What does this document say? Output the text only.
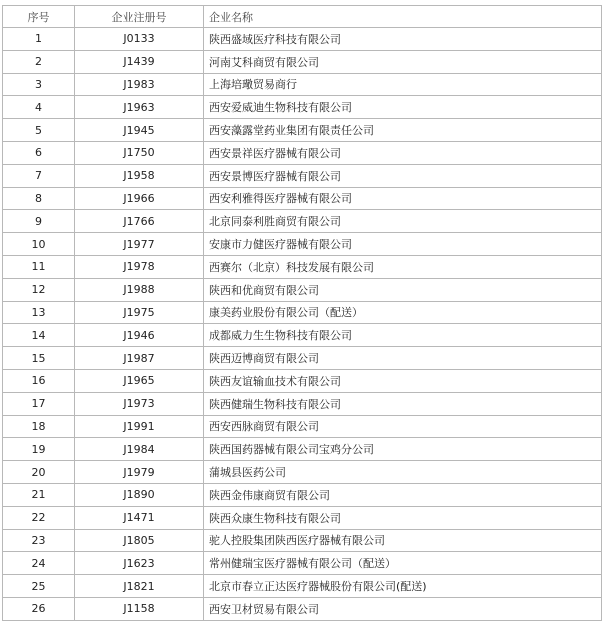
序号	企业注册号	企业名称
1	J0133	陕西盛域医疗科技有限公司
2	J1439	河南艾科商贸有限公司
3	J1983	上海培璥贸易商行
4	J1963	西安爱威迪生物科技有限公司
5	J1945	西安藻露堂药业集团有限责任公司
6	J1750	西安景祥医疗器械有限公司
7	J1958	西安景博医疗器械有限公司
8	J1966	西安利雅得医疗器械有限公司
9	J1766	北京同泰利胜商贸有限公司
10	J1977	安康市力健医疗器械有限公司
11	J1978	西赛尔（北京）科技发展有限公司
12	J1988	陕西和优商贸有限公司
13	J1975	康美药业股份有限公司（配送）
14	J1946	成都威力生生物科技有限公司
15	J1987	陕西迈博商贸有限公司
16	J1965	陕西友谊输血技术有限公司
17	J1973	陕西健瑞生物科技有限公司
18	J1991	西安西脉商贸有限公司
19	J1984	陕西国药器械有限公司宝鸡分公司
20	J1979	蒲城县医药公司
21	J1890	陕西金伟康商贸有限公司
22	J1471	陕西众康生物科技有限公司
23	J1805	驼人控股集团陕西医疗器械有限公司
24	J1623	常州健瑞宝医疗器械有限公司（配送）
25	J1821	北京市春立正达医疗器械股份有限公司(配送)
26	J1158	西安卫材贸易有限公司
